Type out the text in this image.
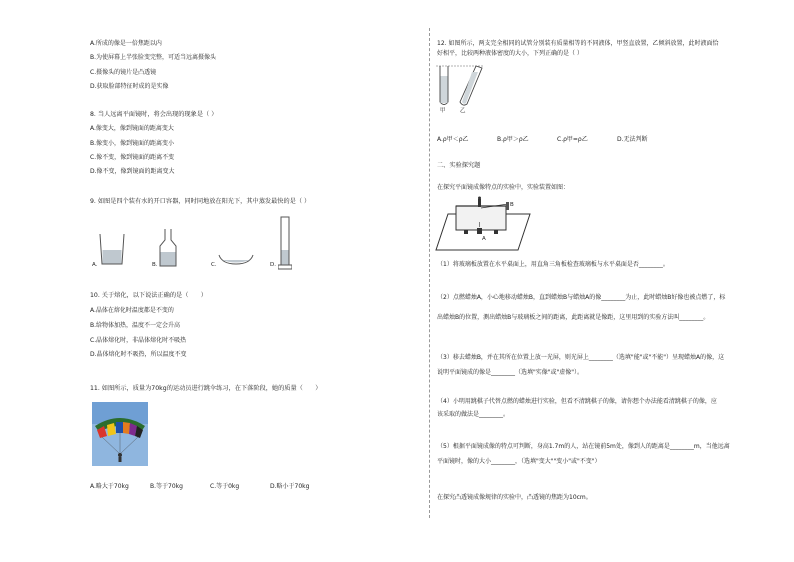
A.所成的像是一倍焦距以内
B.为使屏幕上半张脸变完整，可适当远离摄像头
C.摄像头的镜片是凸透镜
D.获取脸部特征时成的是实像
8. 当人远离平面镜时，将会出现的现象是（ ）
A.像变大，像到镜面的距离变大
B.像变小，像到镜面的距离变小
C.像不变，像到镜面的距离不变
D.像不变，像到镜面的距离变大
9. 如图是四个装有水的开口容器，同时同地放在阳光下，其中蒸发最快的是（ ）
A.	B.	C.	D.
10. 关于熔化，以下说法正确的是（　　）
A.晶体在熔化时温度都是不变的
B.给物体加热，温度不一定会升高
C.晶体熔化时，非晶体熔化时不吸热
D.晶体熔化时不吸热，所以温度不变
11. 如图所示，质量为70kg的运动员进行跳伞练习，在下落阶段，她的质量（　　）
A.略大于70kg	B.等于70kg	C.等于0kg	D.略小于70kg
12. 如图所示，两支完全相同的试管分别装有质量相等的不同液体，甲竖直放置，乙倾斜放置，此时液面恰
好相平，比较两种液体密度的大小，下列正确的是（ ）
甲	乙
A.ρ甲＜ρ乙	B.ρ甲＞ρ乙	C.ρ甲=ρ乙	D.无法判断
二、实验探究题
在探究平面镜成像特点的实验中，实验装置如图：
B
A
（1）将玻璃板放置在水平桌面上，用直角三角板检查玻璃板与水平桌面是否________。
（2）点燃蜡烛A，小心地移动蜡烛B，直到蜡烛B与蜡烛A的像________为止，此时蜡烛B好像也被点燃了，标
出蜡烛B的位置，测出蜡烛B与玻璃板之间的距离，此距离就是像距，这里用到的实验方法叫________。
（3）移去蜡烛B，并在其所在位置上放一光屏，则光屏上________（选填"能"或"不能"）呈现蜡烛A的像，这
说明平面镜成的像是________（选填"实像"或"虚像"）。
（4）小明用跳棋子代替点燃的蜡烛进行实验，但看不清跳棋子的像，请你想个办法能看清跳棋子的像，应
该采取的做法是________。
（5）根据平面镜成像的特点可判断，身高1.7m的人，站在镜前5m处，像到人的距离是________m，当他远离
平面镜时，像的大小________，（选填"变大""变小"或"不变"）
在探究凸透镜成像规律的实验中，凸透镜的焦距为10cm。
